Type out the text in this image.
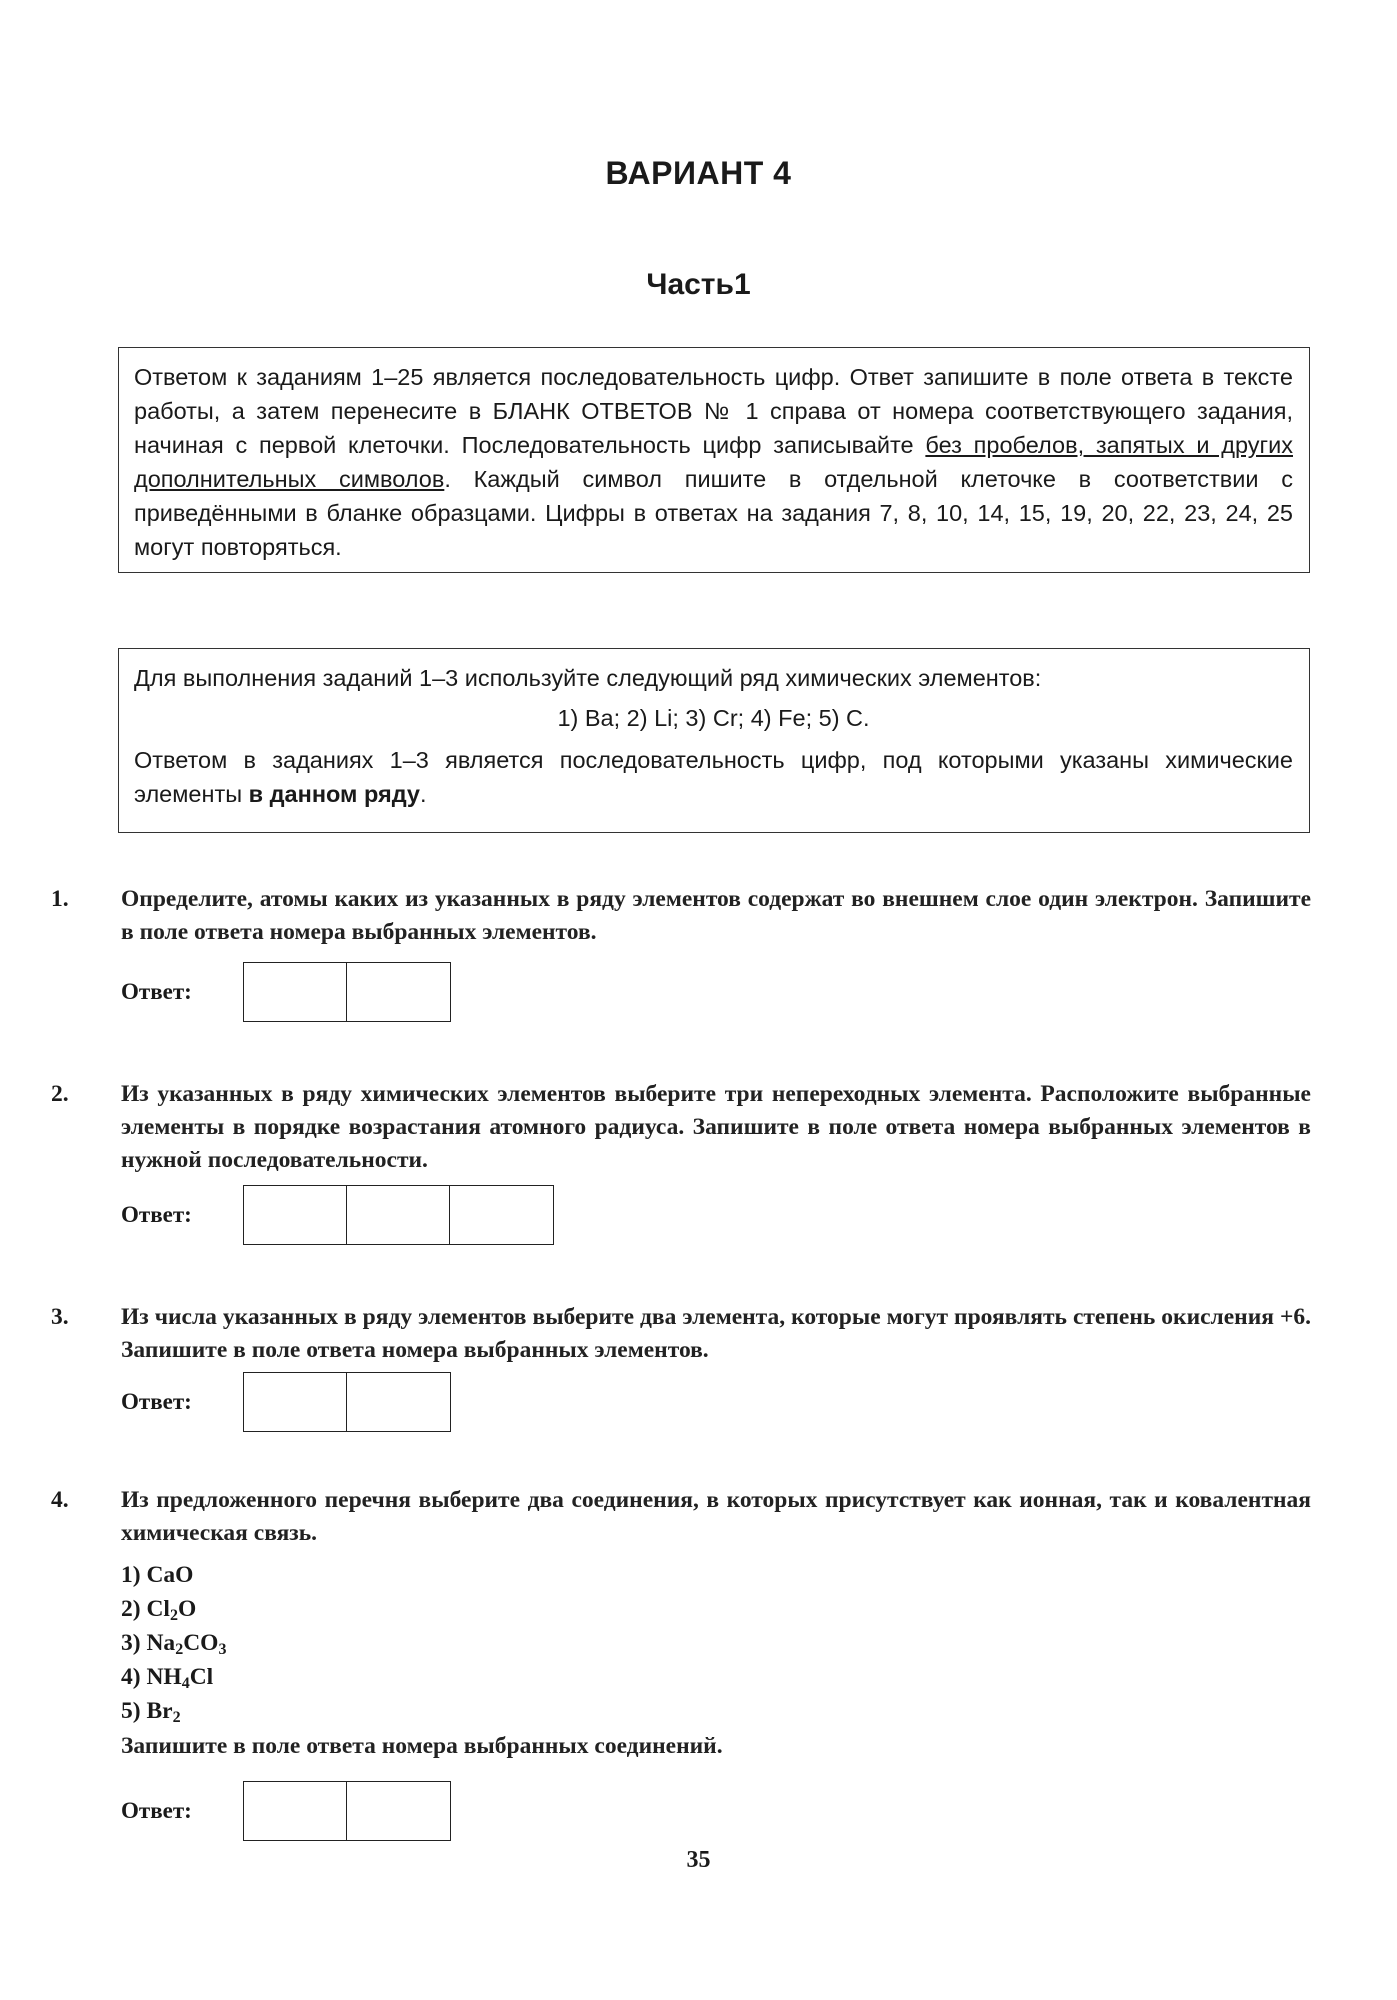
ВАРИАНТ 4
Часть1
Ответом к заданиям 1–25 является последовательность цифр. Ответ запишите в поле ответа в тексте работы, а затем перенесите в БЛАНК ОТВЕТОВ № 1 справа от номера соответствующего задания, начиная с первой клеточки. Последовательность цифр записывайте без пробелов, запятых и других дополнительных символов. Каждый символ пишите в отдельной клеточке в соответствии с приведёнными в бланке образцами. Цифры в ответах на задания 7, 8, 10, 14, 15, 19, 20, 22, 23, 24, 25 могут повторяться.
Для выполнения заданий 1–3 используйте следующий ряд химических элементов:
1) Ba; 2) Li; 3) Cr; 4) Fe; 5) C.
Ответом в заданиях 1–3 является последовательность цифр, под которыми указаны химические элементы в данном ряду.
1. Определите, атомы каких из указанных в ряду элементов содержат во внешнем слое один электрон. Запишите в поле ответа номера выбранных элементов.
Ответ:
2. Из указанных в ряду химических элементов выберите три непереходных элемента. Расположите выбранные элементы в порядке возрастания атомного радиуса. Запишите в поле ответа номера выбранных элементов в нужной последовательности.
Ответ:
3. Из числа указанных в ряду элементов выберите два элемента, которые могут проявлять степень окисления +6. Запишите в поле ответа номера выбранных элементов.
Ответ:
4. Из предложенного перечня выберите два соединения, в которых присутствует как ионная, так и ковалентная химическая связь.
1) CaO
2) $Cl_2O$
3) $Na_2CO_3$
4) $NH_4Cl$
5) $Br_2$
Запишите в поле ответа номера выбранных соединений.
Ответ:
35
